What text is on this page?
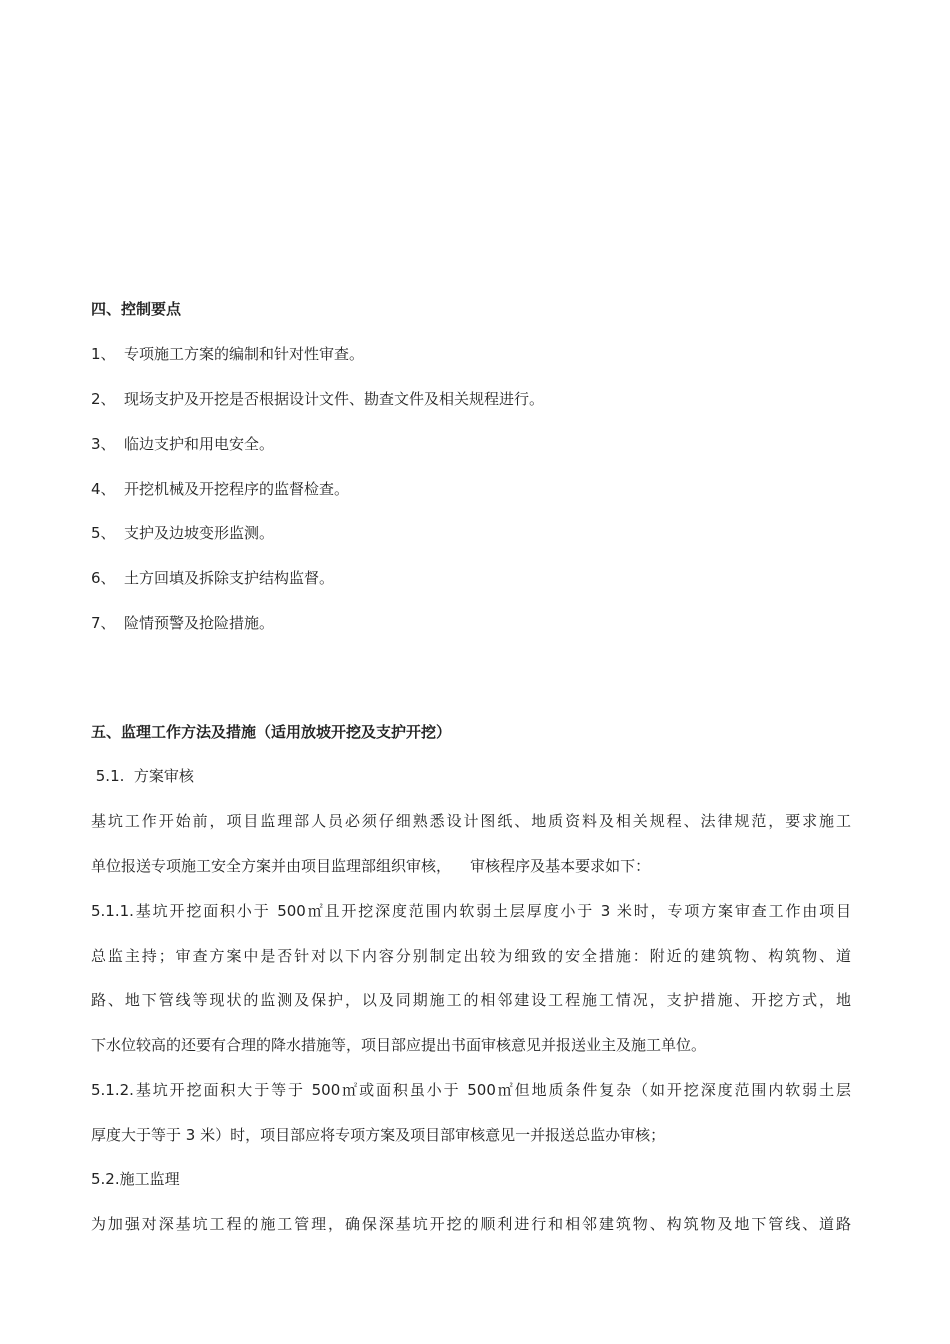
四、控制要点
1、 专项施工方案的编制和针对性审查。
2、 现场支护及开挖是否根据设计文件、勘查文件及相关规程进行。
3、 临边支护和用电安全。
4、 开挖机械及开挖程序的监督检查。
5、 支护及边坡变形监测。
6、 土方回填及拆除支护结构监督。
7、 险情预警及抢险措施。
五、监理工作方法及措施（适用放坡开挖及支护开挖）
5.1.  方案审核
基坑工作开始前，项目监理部人员必须仔细熟悉设计图纸、地质资料及相关规程、法律规范，要求施工
单位报送专项施工安全方案并由项目监理部组织审核，    审核程序及基本要求如下：
5.1.1.基坑开挖面积小于 500㎡且开挖深度范围内软弱土层厚度小于 3 米时，专项方案审查工作由项目
总监主持；审查方案中是否针对以下内容分别制定出较为细致的安全措施：附近的建筑物、构筑物、道
路、地下管线等现状的监测及保护，以及同期施工的相邻建设工程施工情况，支护措施、开挖方式，地
下水位较高的还要有合理的降水措施等，项目部应提出书面审核意见并报送业主及施工单位。
5.1.2.基坑开挖面积大于等于 500㎡或面积虽小于 500㎡但地质条件复杂（如开挖深度范围内软弱土层
厚度大于等于 3 米）时，项目部应将专项方案及项目部审核意见一并报送总监办审核；
5.2.施工监理
为加强对深基坑工程的施工管理，确保深基坑开挖的顺利进行和相邻建筑物、构筑物及地下管线、道路
